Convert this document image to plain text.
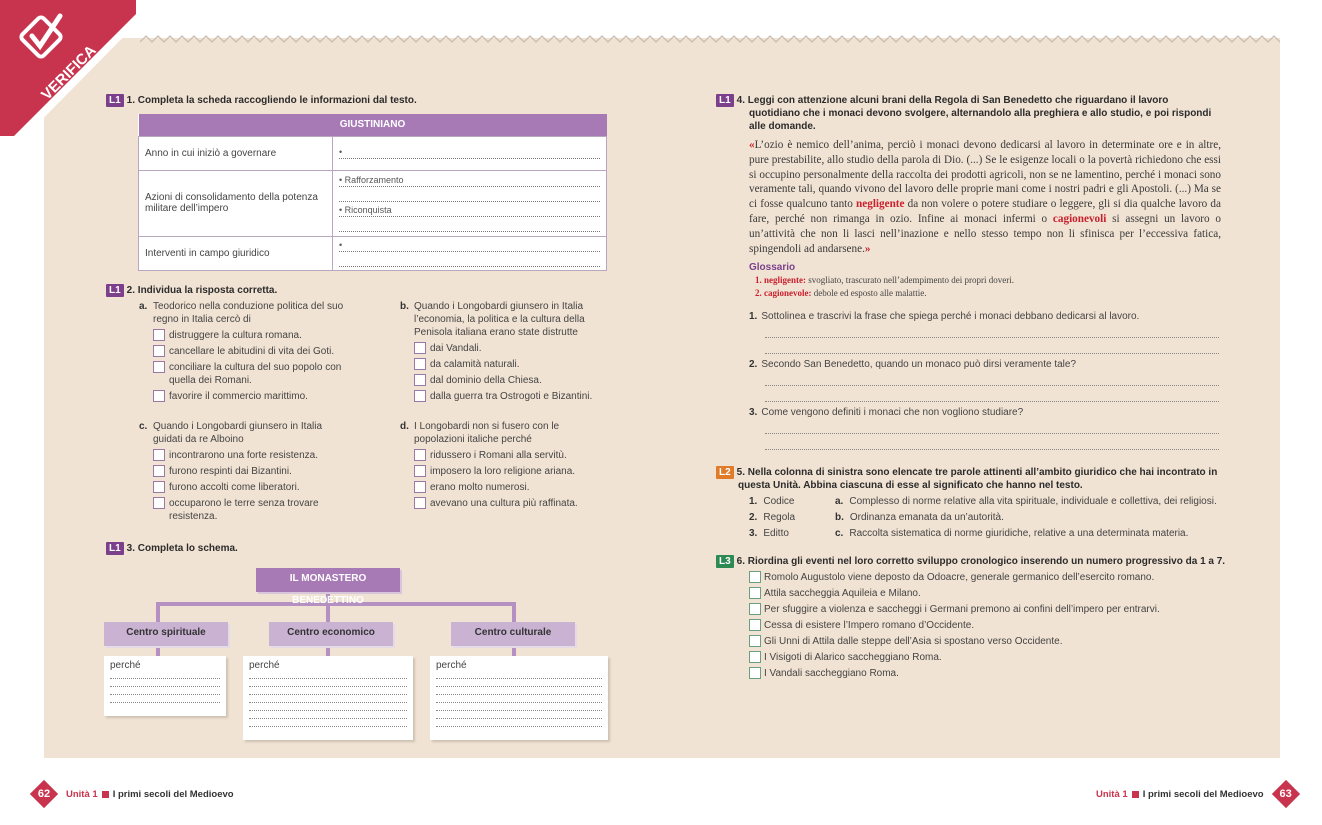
VERIFICA L1 1. Completa la scheda raccogliendo le informazioni dal testo.
GIUSTINIANO	
Anno in cui iniziò a governare	•

Azioni di consolidamento della potenza militare dell’impero	• Rafforzamento
• Riconquista

Interventi in campo giuridico	•
L1 2. Individua la risposta corretta.
a. Teodorico nella conduzione politica del suo regno in Italia cercò di
distruggere la cultura romana.
cancellare le abitudini di vita dei Goti.
conciliare la cultura del suo popolo con quella dei Romani.
favorire il commercio marittimo.
b. Quando i Longobardi giunsero in Italia l’economia, la politica e la cultura della Penisola italiana erano state distrutte
dai Vandali.
da calamità naturali.
dal dominio della Chiesa.
dalla guerra tra Ostrogoti e Bizantini.
c. Quando i Longobardi giunsero in Italia guidati da re Alboino
incontrarono una forte resistenza.
furono respinti dai Bizantini.
furono accolti come liberatori.
occuparono le terre senza trovare resistenza.
d. I Longobardi non si fusero con le popolazioni italiche perché
ridussero i Romani alla servitù.
imposero la loro religione ariana.
erano molto numerosi.
avevano una cultura più raffinata.
L1 3. Completa lo schema.
IL MONASTERO BENEDETTINO
Centro spirituale	Centro economico	Centro culturale
perché	perché	perché
L1 4. Leggi con attenzione alcuni brani della Regola di San Benedetto che riguardano il lavoro quotidiano che i monaci devono svolgere, alternandolo alla preghiera e allo studio, e poi rispondi alle domande.
«L’ozio è nemico dell’anima, perciò i monaci devono dedicarsi al lavoro in determinate ore e in altre, pure prestabilite, allo studio della parola di Dio. (...) Se le esigenze locali o la povertà richiedono che essi si occupino personalmente della raccolta dei prodotti agricoli, non se ne lamentino, perché i monaci sono veramente tali, quando vivono del lavoro delle proprie mani come i nostri padri e gli Apostoli. (...) Ma se ci fosse qualcuno tanto negligente da non volere o potere studiare o leggere, gli si dia qualche lavoro da fare, perché non rimanga in ozio. Infine ai monaci infermi o cagionevoli si assegni un lavoro o un’attività che non li lasci nell’inazione e nello stesso tempo non li sfinisca per l’eccessiva fatica, spingendoli ad andarsene.»
Glossario
1. negligente: svogliato, trascurato nell’adempimento dei propri doveri.
2. cagionevole: debole ed esposto alle malattie.
1. Sottolinea e trascrivi la frase che spiega perché i monaci debbano dedicarsi al lavoro.
2. Secondo San Benedetto, quando un monaco può dirsi veramente tale?
3. Come vengono definiti i monaci che non vogliono studiare?
L2 5. Nella colonna di sinistra sono elencate tre parole attinenti all’ambito giuridico che hai incontrato in questa Unità. Abbina ciascuna di esse al significato che hanno nel testo.
1. Codice	a. Complesso di norme relative alla vita spirituale, individuale e collettiva, dei religiosi.
2. Regola	b. Ordinanza emanata da un’autorità.
3. Editto	c. Raccolta sistematica di norme giuridiche, relative a una determinata materia.
L3 6. Riordina gli eventi nel loro corretto sviluppo cronologico inserendo un numero progressivo da 1 a 7.
Romolo Augustolo viene deposto da Odoacre, generale germanico dell’esercito romano.
Attila saccheggia Aquileia e Milano.
Per sfuggire a violenza e saccheggi i Germani premono ai confini dell’impero per entrarvi.
Cessa di esistere l’Impero romano d’Occidente.
Gli Unni di Attila dalle steppe dell’Asia si spostano verso Occidente.
I Visigoti di Alarico saccheggiano Roma.
I Vandali saccheggiano Roma.
62 Unità 1 I primi secoli del Medioevo	Unità 1 I primi secoli del Medioevo 63
